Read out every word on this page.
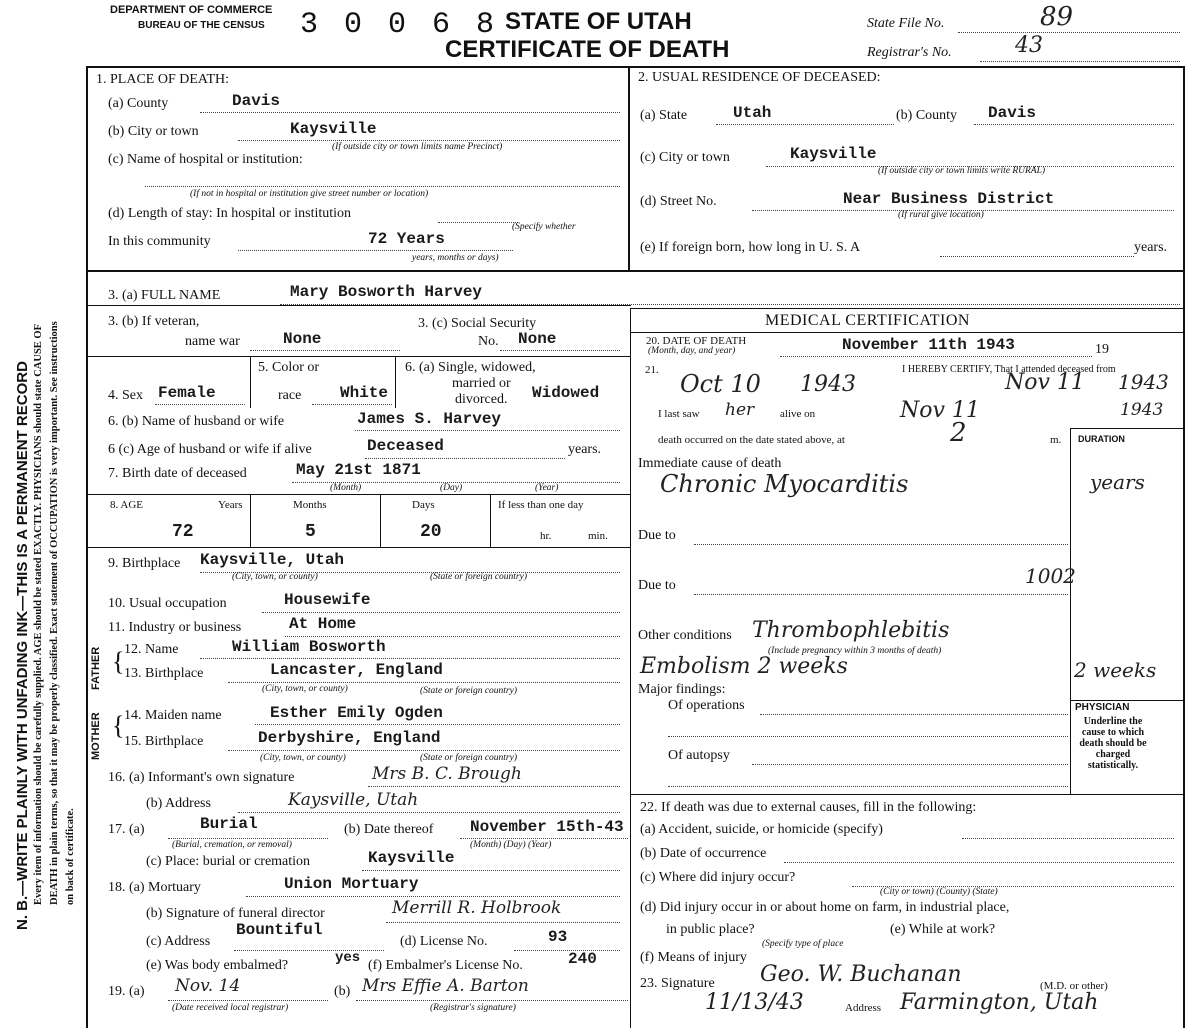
N. B.—WRITE PLAINLY WITH UNFADING INK—THIS IS A PERMANENT RECORD Every item of information should be carefully supplied. AGE should be stated EXACTLY. PHYSICIANS should state CAUSE OF DEATH in plain terms, so that it may be properly classified. Exact statement of OCCUPATION is very important. See instructions on back of certificate.
DEPARTMENT OF COMMERCE
BUREAU OF THE CENSUS 3 0 0 6 8 STATE OF UTAH
CERTIFICATE OF DEATH
State File No.	89
Registrar's No.	43
1. PLACE OF DEATH:
(a) County	Davis
(b) City or town	Kaysville
(If outside city or town limits name Precinct)
(c) Name of hospital or institution:
(If not in hospital or institution give street number or location)
(d) Length of stay: In hospital or institution
(Specify whether
In this community	72 Years
years, months or days)
2. USUAL RESIDENCE OF DECEASED:
(a) State	Utah	(b) County Davis
(c) City or town	Kaysville
(If outside city or town limits write RURAL)
(d) Street No.	Near Business District
(If rural give location)
(e) If foreign born, how long in U. S. A	years.
3. (a) FULL NAME	Mary Bosworth Harvey
3. (b) If veteran,
name war	None
3. (c) Social Security
No. None
4. Sex Female
5. Color or
race White
6. (a) Single, widowed,
married or
divorced. Widowed
6. (b) Name of husband or wife	James S. Harvey
6 (c) Age of husband or wife if alive	Deceased	years.
7. Birth date of deceased	May 21st 1871
(Month)	(Day)	(Year)
8. AGE	Years	Months	Days	If less than one day
72	5	20	hr.	min.
9. Birthplace Kaysville, Utah
(City, town, or county)	(State or foreign country)
10. Usual occupation	Housewife
11. Industry or business	At Home
FATHER
MOTHER
{
{
12. Name	William Bosworth
13. Birthplace	Lancaster, England
(City, town, or county)	(State or foreign country)
14. Maiden name	Esther Emily Ogden
15. Birthplace	Derbyshire, England
(City, town, or county)	(State or foreign country)
16. (a) Informant's own signature	Mrs B. C. Brough
(b) Address	Kaysville, Utah
17. (a)	Burial
(Burial, cremation, or removal)
(b) Date thereof November 15th-43
(Month) (Day) (Year)
(c) Place: burial or cremation	Kaysville
18. (a) Mortuary	Union Mortuary
(b) Signature of funeral director	Merrill R. Holbrook
(c) Address
Bountiful
(d) License No.	93
(e) Was body embalmed?	yes (f) Embalmer's License No.	240
19. (a) Nov. 14
(Date received local registrar)
(b) Mrs Effie A. Barton
(Registrar's signature)
MEDICAL CERTIFICATION
20. DATE OF DEATH
(Month, day, and year)	November 11th 1943	19
21.	I HEREBY CERTIFY, That I attended deceased from
Oct 10 1943	Nov 11 1943
I last saw her alive on	Nov 11	1943
death occurred on the date stated above, at	2	m. DURATION
Immediate cause of death
Chronic Myocarditis	years
Due to
Due to	1002
Other conditions Thrombophlebitis
(Include pregnancy within 3 months of death)
Embolism 2 weeks	2 weeks
Major findings:
Of operations
Of autopsy
PHYSICIAN
Underline the cause to which death should be charged statistically.
22. If death was due to external causes, fill in the following:
(a) Accident, suicide, or homicide (specify)
(b) Date of occurrence
(c) Where did injury occur?
(City or town) (County) (State)
(d) Did injury occur in or about home on farm, in industrial place,
in public place?
(Specify type of place
(e) While at work?
(f) Means of injury
23. Signature Geo. W. Buchanan	(M.D. or other)
11/13/43	Address Farmington, Utah
